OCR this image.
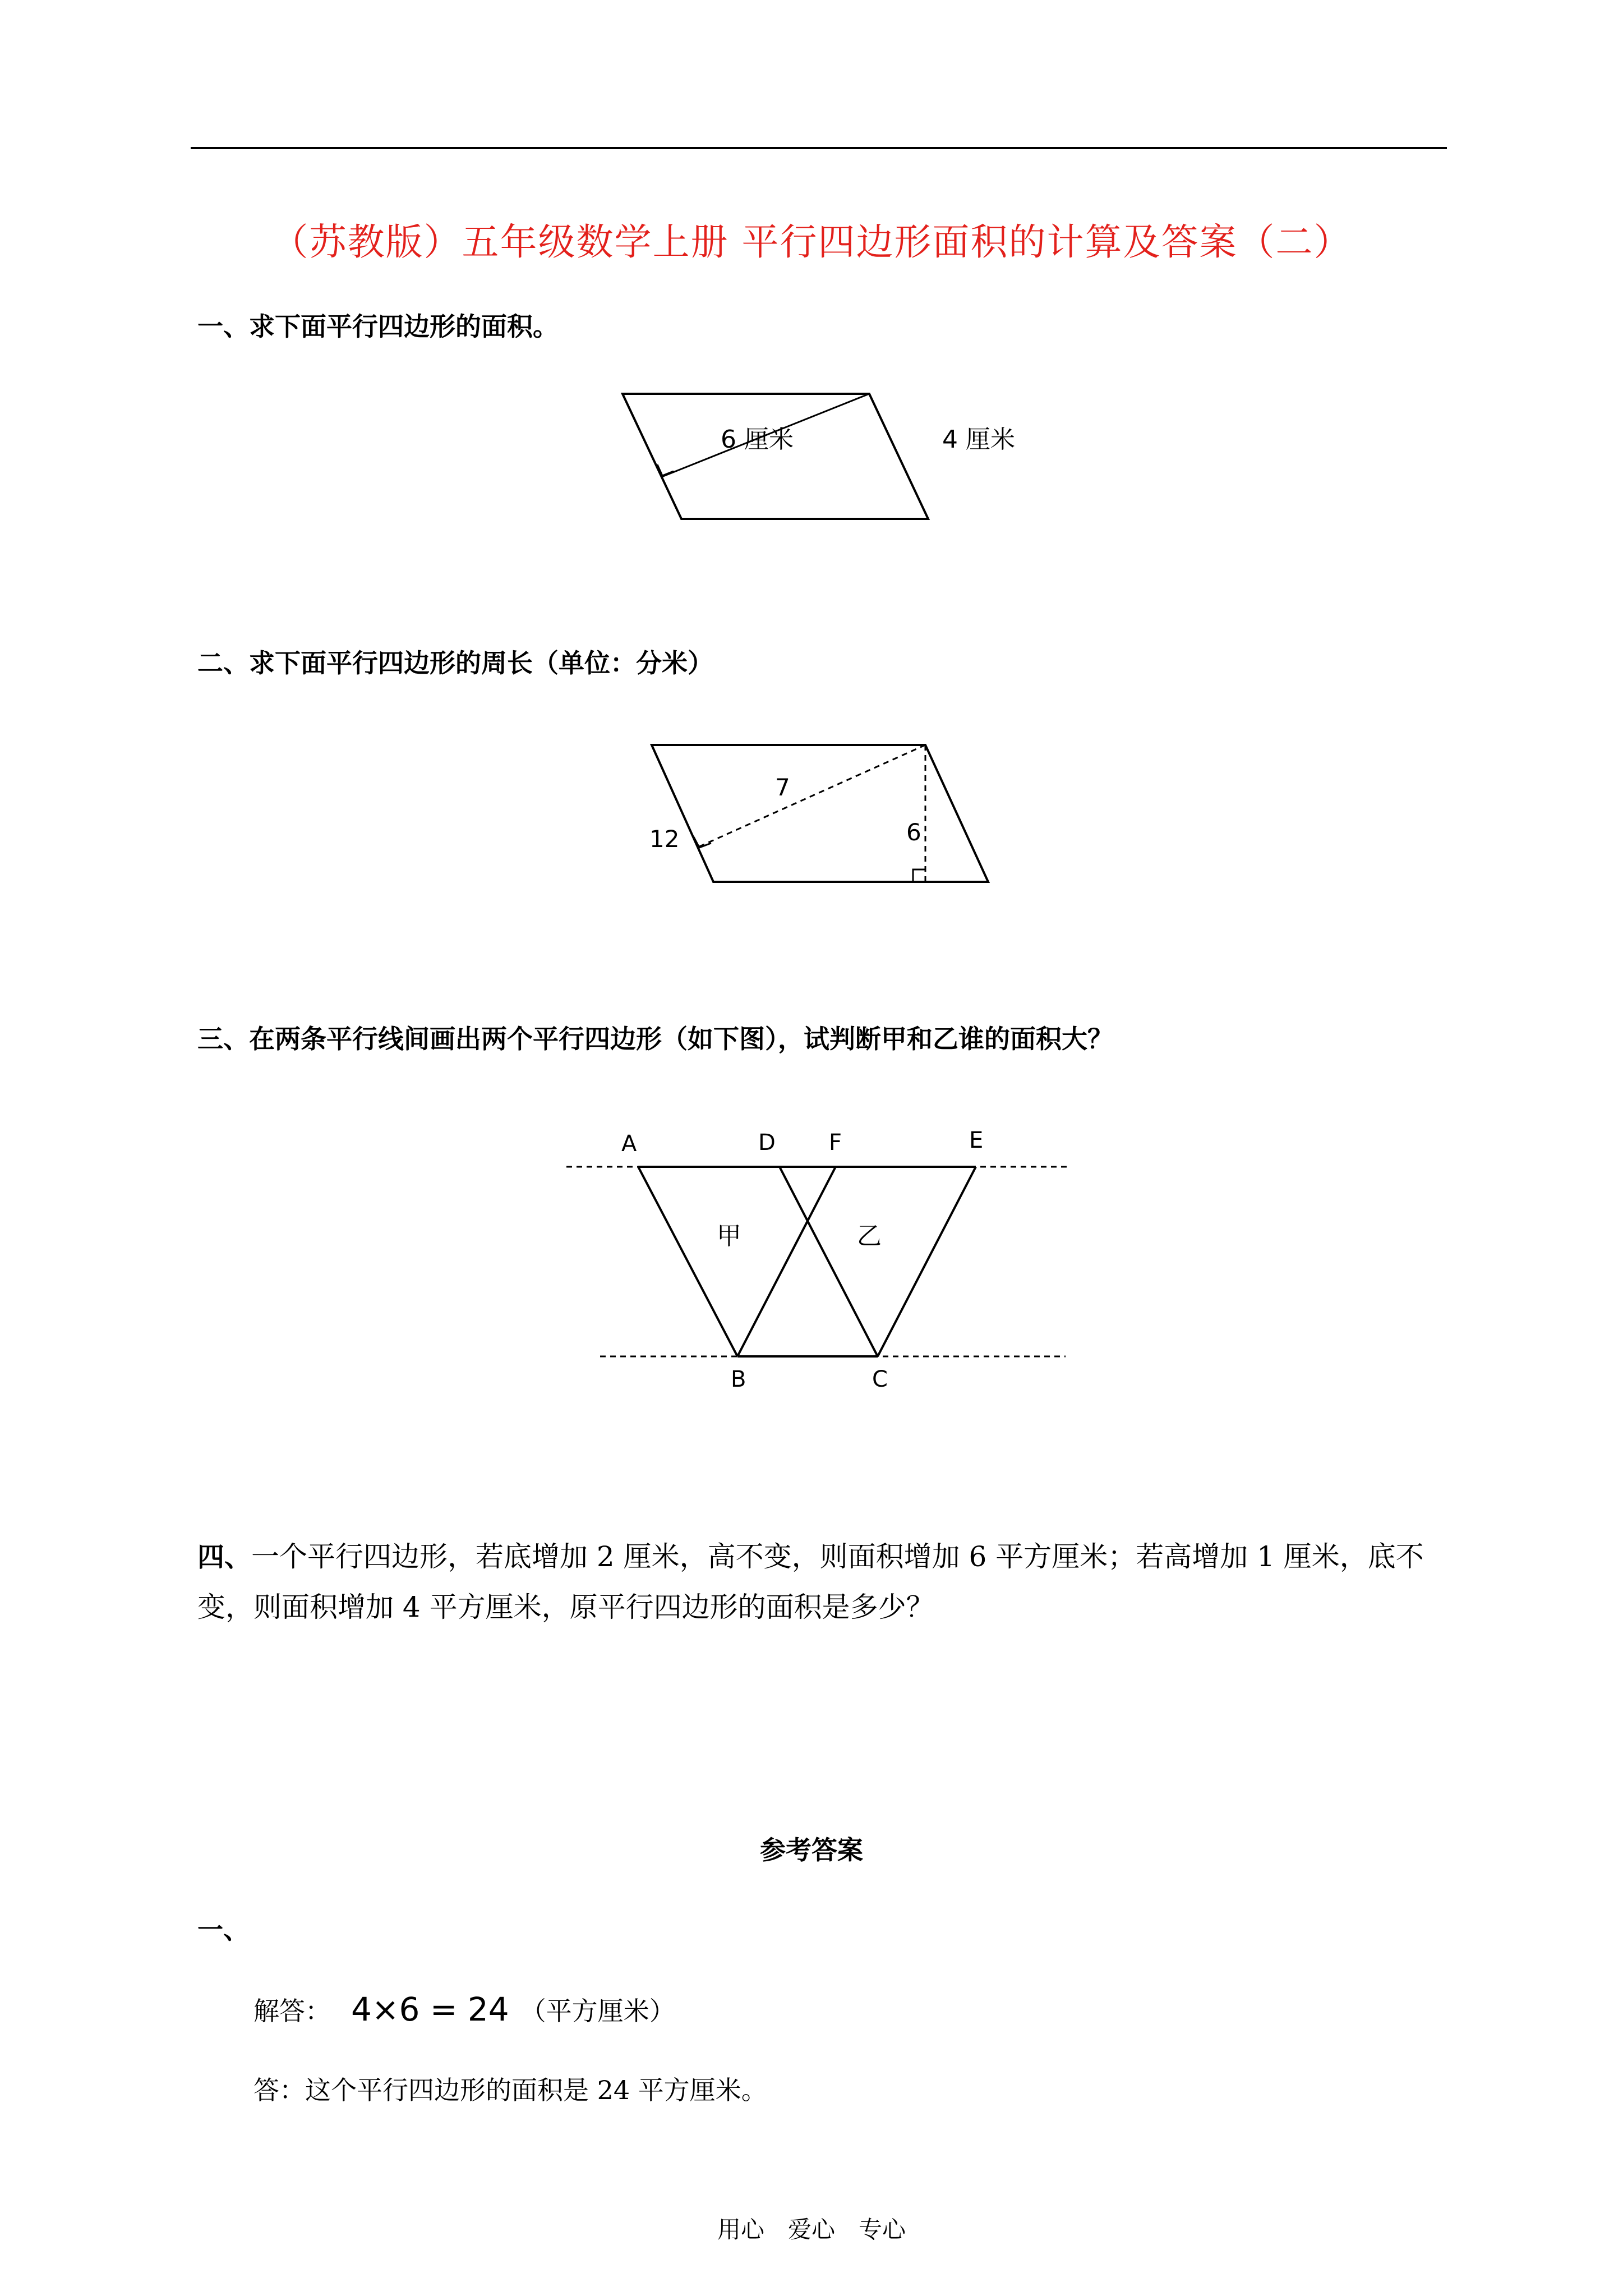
（苏教版）五年级数学上册 平行四边形面积的计算及答案（二）
一、求下面平行四边形的面积。
6 厘米	4 厘米
二、求下面平行四边形的周长（单位：分米）
12
7
6
三、在两条平行线间画出两个平行四边形（如下图），试判断甲和乙谁的面积大？
A	D F	E
B	C
甲	乙
四、一个平行四边形，若底增加 2 厘米，高不变，则面积增加 6 平方厘米；若高增加 1 厘米，底不变，则面积增加 4 平方厘米，原平行四边形的面积是多少？
参考答案
一、
解答： 4×6 = 24 （平方厘米）
答：这个平行四边形的面积是 24 平方厘米。
用心　爱心　专心
